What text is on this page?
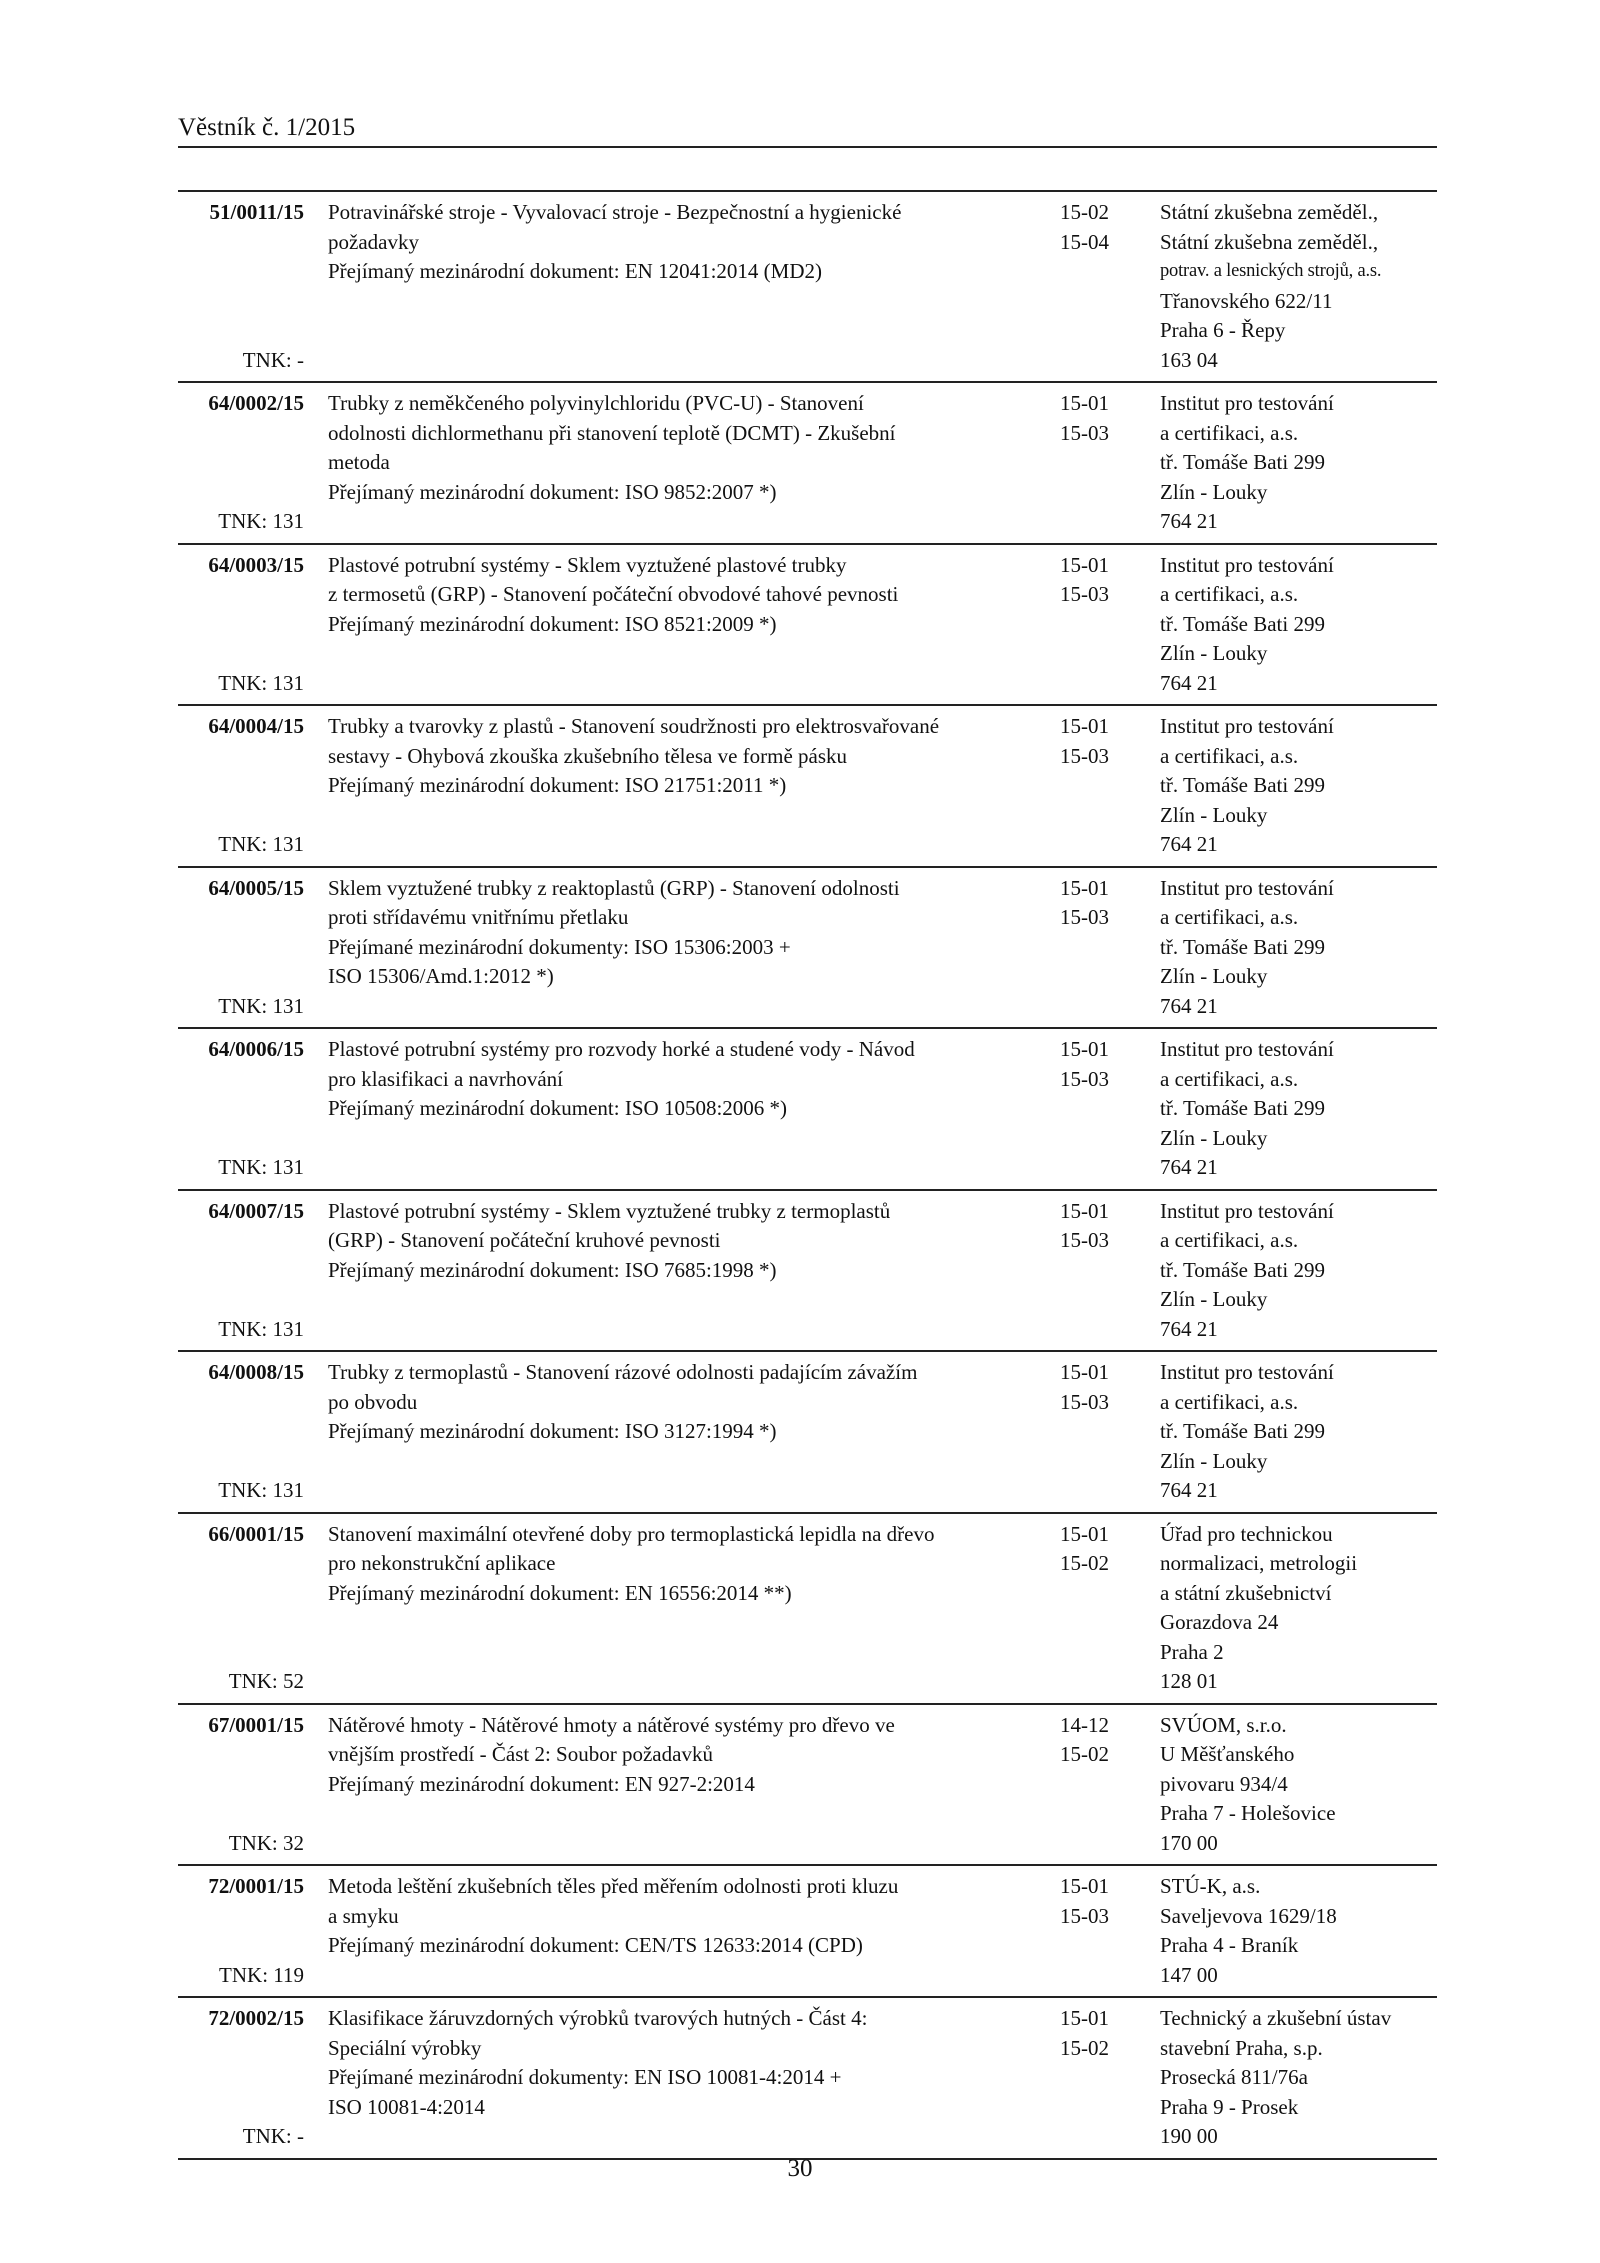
Věstník č. 1/2015
51/0011/15
TNK: -
Potravinářské stroje - Vyvalovací stroje - Bezpečnostní a hygienické
požadavky
Přejímaný mezinárodní dokument: EN 12041:2014 (MD2)
15-02
15-04
Státní zkušebna zeměděl.,
Státní zkušebna zeměděl.,
potrav. a lesnických strojů, a.s.
Třanovského 622/11
Praha 6 - Řepy
163 04
64/0002/15
TNK: 131
Trubky z neměkčeného polyvinylchloridu (PVC-U) - Stanovení
odolnosti dichlormethanu při stanovení teplotě (DCMT) - Zkušební
metoda
Přejímaný mezinárodní dokument: ISO 9852:2007 *)
15-01
15-03
Institut pro testování
a certifikaci, a.s.
tř. Tomáše Bati 299
Zlín - Louky
764 21
64/0003/15
TNK: 131
Plastové potrubní systémy - Sklem vyztužené plastové trubky
z termosetů (GRP) - Stanovení počáteční obvodové tahové pevnosti
Přejímaný mezinárodní dokument: ISO 8521:2009 *)
15-01
15-03
Institut pro testování
a certifikaci, a.s.
tř. Tomáše Bati 299
Zlín - Louky
764 21
64/0004/15
TNK: 131
Trubky a tvarovky z plastů - Stanovení soudržnosti pro elektrosvařované
sestavy - Ohybová zkouška zkušebního tělesa ve formě pásku
Přejímaný mezinárodní dokument: ISO 21751:2011 *)
15-01
15-03
Institut pro testování
a certifikaci, a.s.
tř. Tomáše Bati 299
Zlín - Louky
764 21
64/0005/15
TNK: 131
Sklem vyztužené trubky z reaktoplastů (GRP) - Stanovení odolnosti
proti střídavému vnitřnímu přetlaku
Přejímané mezinárodní dokumenty: ISO 15306:2003 +
ISO 15306/Amd.1:2012 *)
15-01
15-03
Institut pro testování
a certifikaci, a.s.
tř. Tomáše Bati 299
Zlín - Louky
764 21
64/0006/15
TNK: 131
Plastové potrubní systémy pro rozvody horké a studené vody - Návod
pro klasifikaci a navrhování
Přejímaný mezinárodní dokument: ISO 10508:2006 *)
15-01
15-03
Institut pro testování
a certifikaci, a.s.
tř. Tomáše Bati 299
Zlín - Louky
764 21
64/0007/15
TNK: 131
Plastové potrubní systémy - Sklem vyztužené trubky z termoplastů
(GRP) - Stanovení počáteční kruhové pevnosti
Přejímaný mezinárodní dokument: ISO 7685:1998 *)
15-01
15-03
Institut pro testování
a certifikaci, a.s.
tř. Tomáše Bati 299
Zlín - Louky
764 21
64/0008/15
TNK: 131
Trubky z termoplastů - Stanovení rázové odolnosti padajícím závažím
po obvodu
Přejímaný mezinárodní dokument: ISO 3127:1994 *)
15-01
15-03
Institut pro testování
a certifikaci, a.s.
tř. Tomáše Bati 299
Zlín - Louky
764 21
66/0001/15
TNK: 52
Stanovení maximální otevřené doby pro termoplastická lepidla na dřevo
pro nekonstrukční aplikace
Přejímaný mezinárodní dokument: EN 16556:2014 **)
15-01
15-02
Úřad pro technickou
normalizaci, metrologii
a státní zkušebnictví
Gorazdova 24
Praha 2
128 01
67/0001/15
TNK: 32
Nátěrové hmoty - Nátěrové hmoty a nátěrové systémy pro dřevo ve
vnějším prostředí - Část 2: Soubor požadavků
Přejímaný mezinárodní dokument: EN 927-2:2014
14-12
15-02
SVÚOM, s.r.o.
U Měšťanského
pivovaru 934/4
Praha 7 - Holešovice
170 00
72/0001/15
TNK: 119
Metoda leštění zkušebních těles před měřením odolnosti proti kluzu
a smyku
Přejímaný mezinárodní dokument: CEN/TS 12633:2014 (CPD)
15-01
15-03
STÚ-K, a.s.
Saveljevova 1629/18
Praha 4 - Braník
147 00
72/0002/15
TNK: -
Klasifikace žáruvzdorných výrobků tvarových hutných - Část 4:
Speciální výrobky
Přejímané mezinárodní dokumenty: EN ISO 10081-4:2014 +
ISO 10081-4:2014
15-01
15-02
Technický a zkušební ústav
stavební Praha, s.p.
Prosecká 811/76a
Praha 9 - Prosek
190 00
30
